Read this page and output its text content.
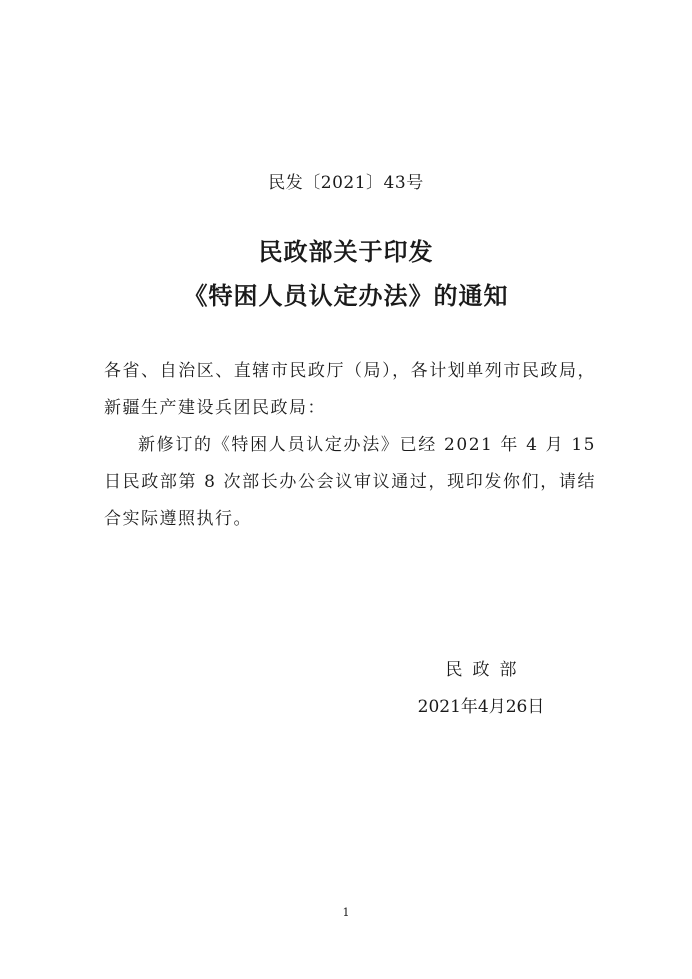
民发〔2021〕43号
民政部关于印发
《特困人员认定办法》的通知

各省、自治区、直辖市民政厅（局），各计划单列市民政局，新疆生产建设兵团民政局：

新修订的《特困人员认定办法》已经 2021 年 4 月 15 日民政部第 8 次部长办公会议审议通过，现印发你们，请结合实际遵照执行。

民政部
2021年4月26日
1
